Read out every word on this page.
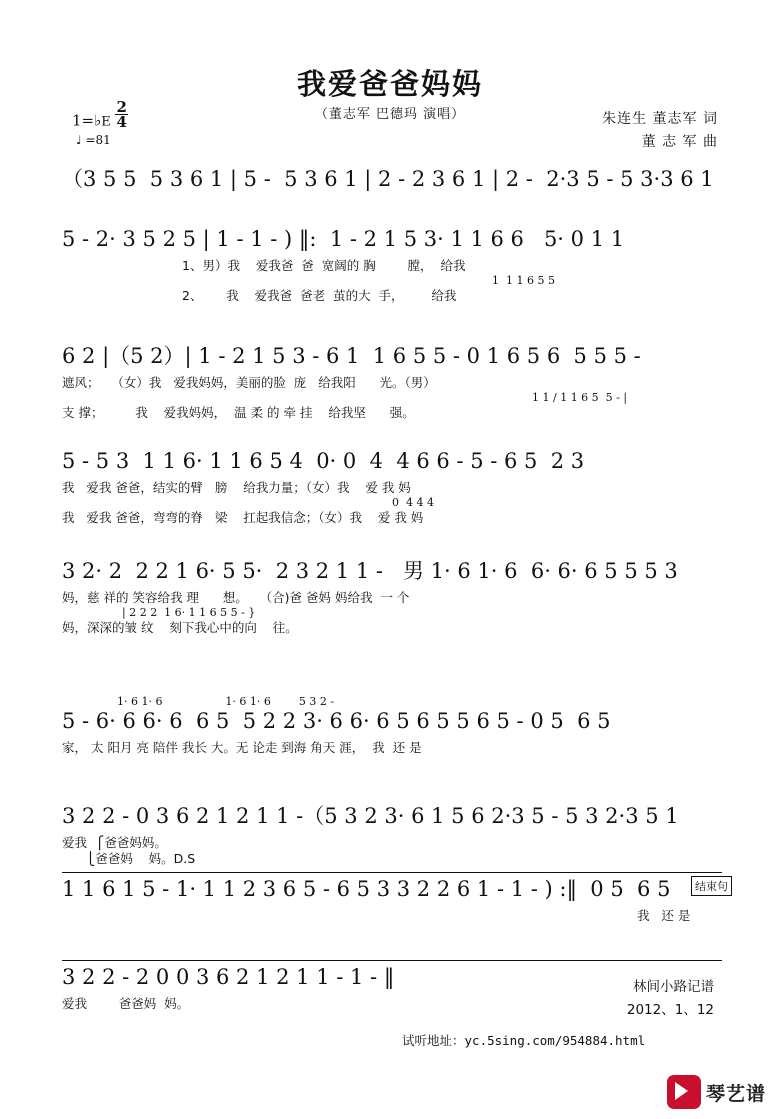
我爱爸爸妈妈
（董志军 巴德玛 演唱）	朱连生 董志军 词
董 志 军 曲
1=♭E $\frac{2}{4}$
♩ =81
（3 5 5  5 3 6 1 | 5 -  5 3 6 1 | 2 - 2 3 6 1 | 2 -  2·3 5 - 5 3·3 6 1
5 - 2· 3 5 2 5 | 1 - 1 - ) ‖:  1 - 2 1 5 3· 1 1 6 6   5· 0 1 1
1、男）我    爱我爸  爸  宽阔的 胸        膛，  给我
1  1 1 6 5 5
2、      我    爱我爸  爸老  茧的大  手，       给我
6 2 |（5 2）| 1 - 2 1 5 3 - 6 1  1 6 5 5 - 0 1 6 5 6  5 5 5 -
遮风；   （女）我   爱我妈妈，美丽的脸  庞   给我阳      光。（男）
1 1 / 1 1 6 5  5 - |
支 撑；        我    爱我妈妈，  温 柔 的 牵 挂    给我坚      强。
5 - 5 3  1 1 6· 1 1 6 5 4  0· 0  4  4 6 6 - 5 - 6 5  2 3
我   爱我 爸爸，结实的臂   膀    给我力量；（女）我    爱 我 妈
0  4 4 4
我   爱我 爸爸，弯弯的脊   梁    扛起我信念；（女）我    爱 我 妈
3 2· 2  2 2 1 6· 5 5·  2 3 2 1 1 -   男 1· 6 1· 6  6· 6· 6 5 5 5 3
妈，慈 祥的 笑容给我 理      想。   （合)爸 爸妈 妈给我  一 个
| 2 2 2  1 6· 1 1 6 5 5 - }
妈，深深的皱 纹    刻下我心中的向    往。
1· 6 1· 6                  1· 6 1· 6        5 3 2 -
5 - 6· 6 6· 6  6 5  5 2 2 3· 6 6· 6 5 6 5 5 6 5 - 0 5  6 5
家， 太 阳月 亮 陪伴 我长 大。无 论走 到海 角天 涯，  我  还 是
3 2 2 - 0 3 6 2 1 2 1 1 -（5 3 2 3· 6 1 5 6 2·3 5 - 5 3 2·3 5 1
爱我  ⎧爸爸妈妈。
⎩爸爸妈    妈。D.S
结束句
1 1 6 1 5 - 1· 1 1 2 3 6 5 - 6 5 3 3 2 2 6 1 - 1 - ) :‖  0 5  6 5
我   还 是
3 2 2 - 2 0 0 3 6 2 1 2 1 1 - 1 - ‖
爱我        爸爸妈  妈。
林间小路记谱
2012、1、12
试听地址：yc.5sing.com/954884.html
琴艺谱
